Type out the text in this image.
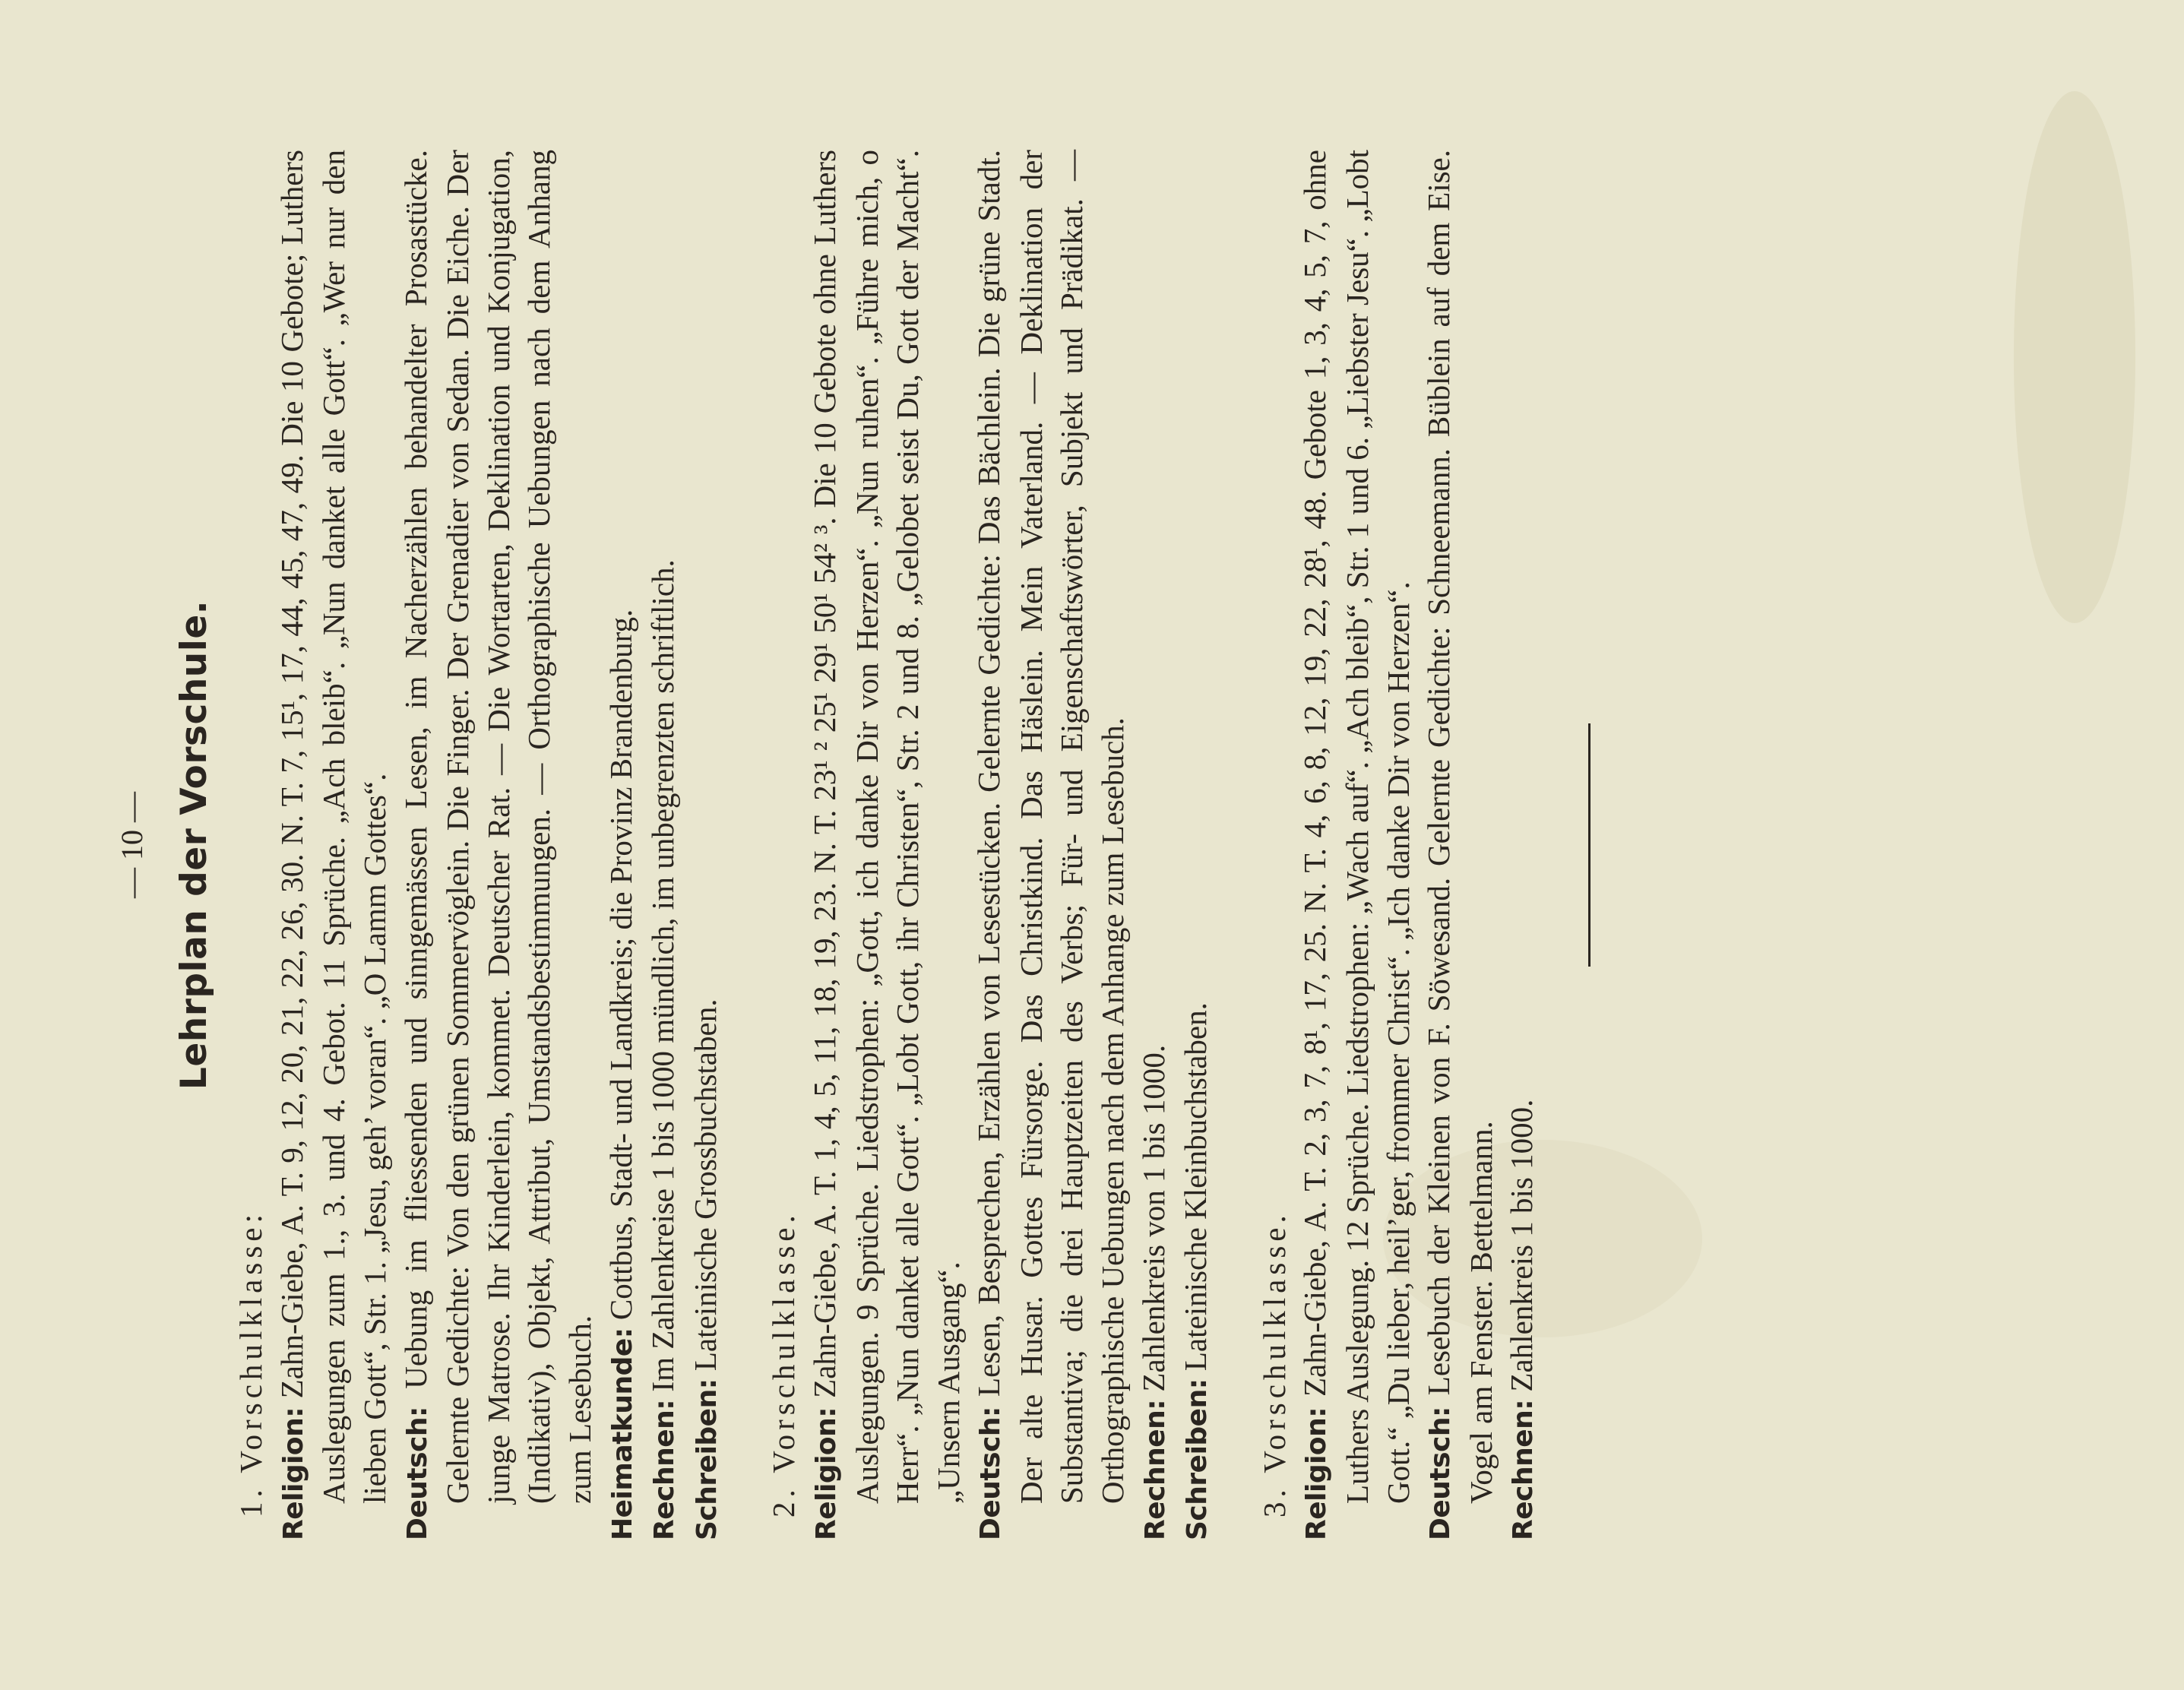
— 10 — Lehrplan der Vorschule.
1. Vorschulklasse: Religion: Zahn-Giebe, A. T. 9, 12, 20, 21, 22, 26, 30. N. T. 7, 15¹, 17, 44, 45, 47, 49. Die 10 Gebote; Luthers Auslegungen zum 1., 3. und 4. Gebot. 11 Sprüche. „Ach bleib“. „Nun danket alle Gott“. „Wer nur den lieben Gott“, Str. 1. „Jesu, geh’ voran“. „O Lamm Gottes“. Deutsch: Uebung im fliessenden und sinngemässen Lesen, im Nacherzählen behandelter Prosastücke. Gelernte Gedichte: Von den grünen Sommervöglein. Die Finger. Der Grenadier von Sedan. Die Eiche. Der junge Matrose. Ihr Kinderlein, kommet. Deutscher Rat. — Die Wortarten, Deklination und Konjugation, (Indikativ), Objekt, Attribut, Umstandsbestimmungen. — Orthographische Uebungen nach dem Anhang zum Lesebuch. Heimatkunde: Cottbus, Stadt- und Landkreis; die Provinz Brandenburg.
Rechnen: Im Zahlenkreise 1 bis 1000 mündlich, im unbegrenzten schriftlich.
Schreiben: Lateinische Grossbuchstaben. 2. Vorschulklasse. Religion: Zahn-Giebe, A. T. 1, 4, 5, 11, 18, 19, 23. N. T. 23¹ ² 25¹ 29¹ 50¹ 54² ³. Die 10 Gebote ohne Luthers Auslegungen. 9 Sprüche. Liedstrophen: „Gott, ich danke Dir von Herzen“. „Nun ruhen“. „Führe mich, o Herr“. „Nun danket alle Gott“. „Lobt Gott, ihr Christen“, Str. 2 und 8. „Gelobet seist Du, Gott der Macht“. „Unsern Ausgang“. Deutsch: Lesen, Besprechen, Erzählen von Lesestücken. Gelernte Gedichte: Das Bächlein. Die grüne Stadt. Der alte Husar. Gottes Fürsorge. Das Christkind. Das Häslein. Mein Vaterland. — Deklination der Substantiva; die drei Hauptzeiten des Verbs; Für- und Eigenschaftswörter, Subjekt und Prädikat. — Orthographische Uebungen nach dem Anhange zum Lesebuch. Rechnen: Zahlenkreis von 1 bis 1000.
Schreiben: Lateinische Kleinbuchstaben. 3. Vorschulklasse. Religion: Zahn-Giebe, A. T. 2, 3, 7, 8¹, 17, 25. N. T. 4, 6, 8, 12, 19, 22, 28¹, 48. Gebote 1, 3, 4, 5, 7, ohne Luthers Auslegung. 12 Sprüche. Liedstrophen: „Wach auf“. „Ach bleib“, Str. 1 und 6. „Liebster Jesu“. „Lobt Gott.“ „Du lieber, heil’ger, frommer Christ“. „Ich danke Dir von Herzen“. Deutsch: Lesebuch der Kleinen von F. Söwesand. Gelernte Gedichte: Schneemann. Büblein auf dem Eise. Vogel am Fenster. Bettelmann. Rechnen: Zahlenkreis 1 bis 1000.
